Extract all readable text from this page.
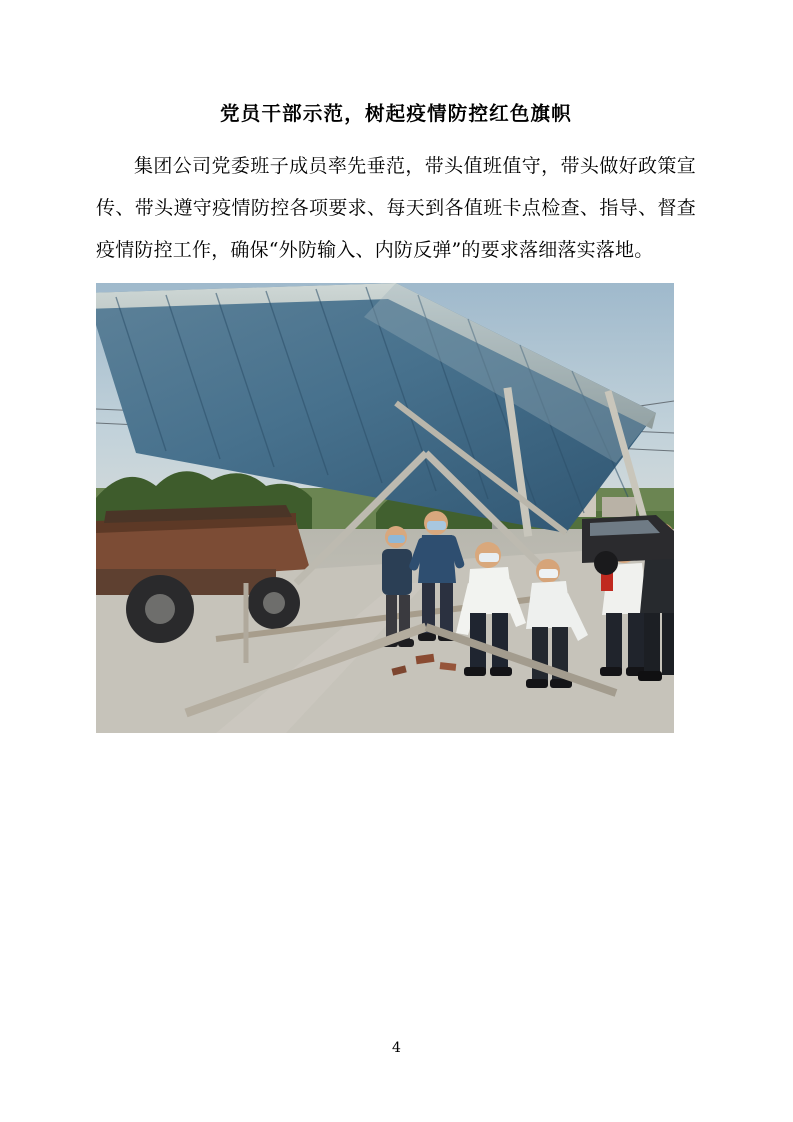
党员干部示范，树起疫情防控红色旗帜

集团公司党委班子成员率先垂范，带头值班值守，带头做好政策宣传、带头遵守疫情防控各项要求、每天到各值班卡点检查、指导、督查疫情防控工作，确保“外防输入、内防反弹”的要求落细落实落地。

4
